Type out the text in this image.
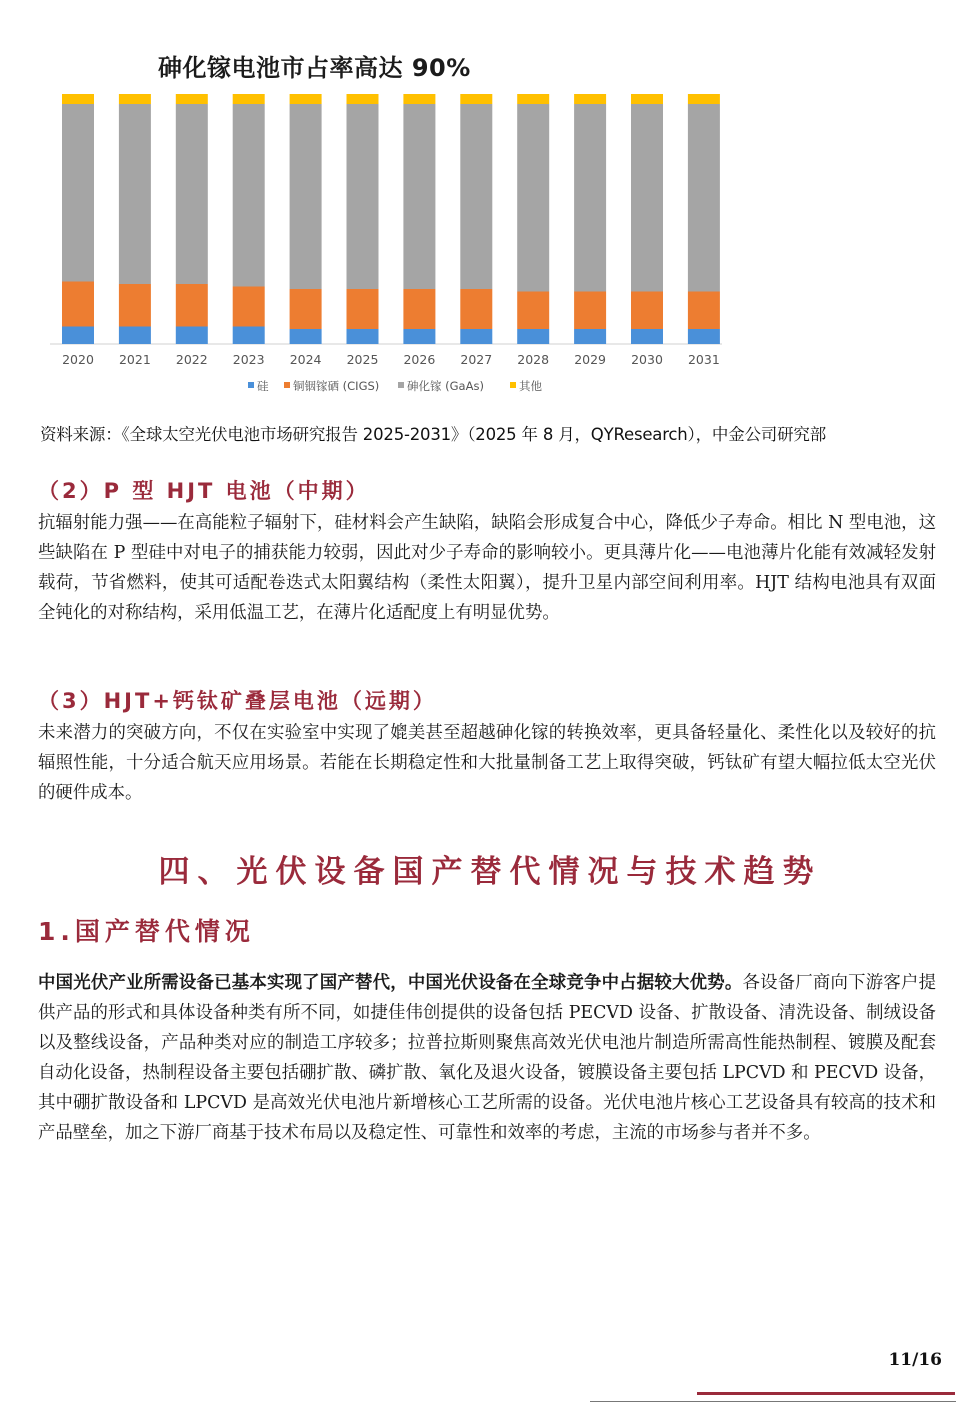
砷化镓电池市占率高达 90%
2020 2021 2022 2023 2024 2025 2026 2027 2028 2029 2030 2031
硅 铜铟镓硒 (CIGS) 砷化镓 (GaAs)	其他
资料来源：《全球太空光伏电池市场研究报告 2025-2031》（2025 年 8 月，QYResearch），中金公司研究部
（2）P 型 HJT 电池（中期）
抗辐射能力强——在高能粒子辐射下，硅材料会产生缺陷，缺陷会形成复合中心，降低少子寿命。相比 N 型电池，这些缺陷在 P 型硅中对电子的捕获能力较弱，因此对少子寿命的影响较小。更具薄片化——电池薄片化能有效减轻发射载荷，节省燃料，使其可适配卷迭式太阳翼结构（柔性太阳翼），提升卫星内部空间利用率。HJT 结构电池具有双面全钝化的对称结构，采用低温工艺，在薄片化适配度上有明显优势。
（3）HJT+钙钛矿叠层电池（远期）
未来潜力的突破方向，不仅在实验室中实现了媲美甚至超越砷化镓的转换效率，更具备轻量化、柔性化以及较好的抗辐照性能，十分适合航天应用场景。若能在长期稳定性和大批量制备工艺上取得突破，钙钛矿有望大幅拉低太空光伏的硬件成本。
四、光伏设备国产替代情况与技术趋势
1.国产替代情况
中国光伏产业所需设备已基本实现了国产替代，中国光伏设备在全球竞争中占据较大优势。各设备厂商向下游客户提供产品的形式和具体设备种类有所不同，如捷佳伟创提供的设备包括 PECVD 设备、扩散设备、清洗设备、制绒设备以及整线设备，产品种类对应的制造工序较多；拉普拉斯则聚焦高效光伏电池片制造所需高性能热制程、镀膜及配套自动化设备，热制程设备主要包括硼扩散、磷扩散、氧化及退火设备，镀膜设备主要包括 LPCVD 和 PECVD 设备，其中硼扩散设备和 LPCVD 是高效光伏电池片新增核心工艺所需的设备。光伏电池片核心工艺设备具有较高的技术和产品壁垒，加之下游厂商基于技术布局以及稳定性、可靠性和效率的考虑，主流的市场参与者并不多。
11/16
